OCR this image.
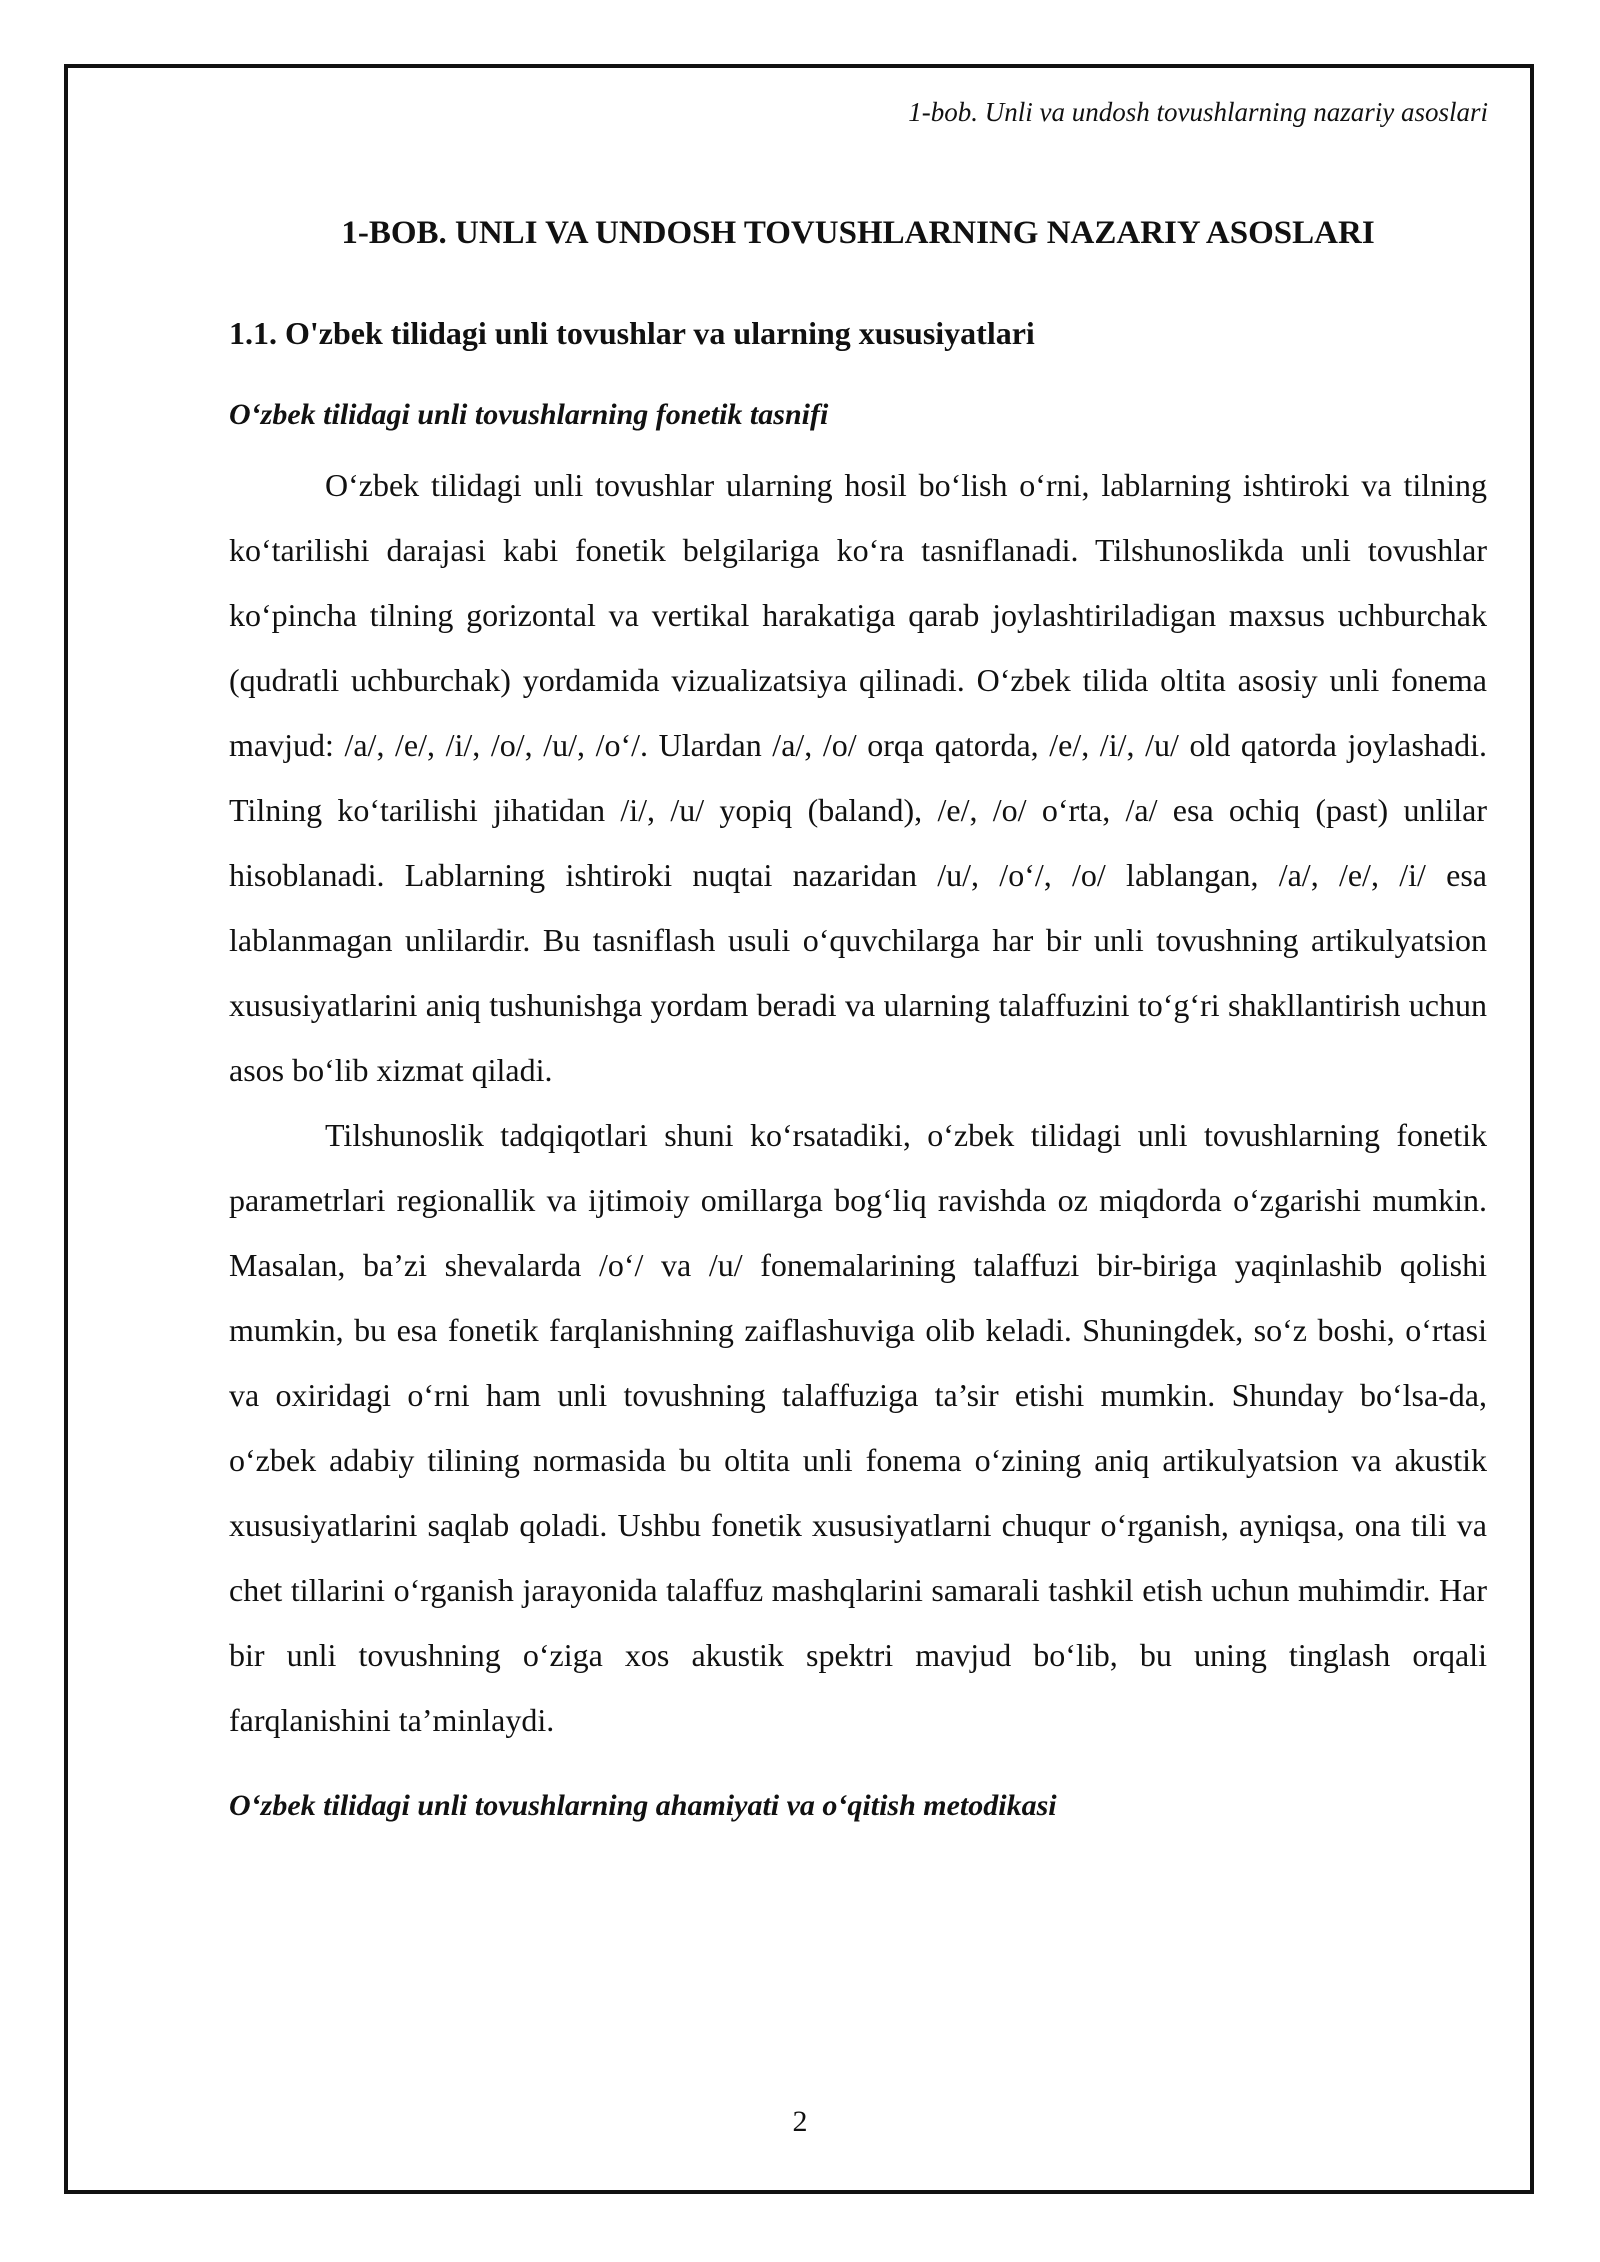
1-bob. Unli va undosh tovushlarning nazariy asoslari
1-BOB. UNLI VA UNDOSH TOVUSHLARNING NAZARIY ASOSLARI
1.1. O'zbek tilidagi unli tovushlar va ularning xususiyatlari
O‘zbek tilidagi unli tovushlarning fonetik tasnifi

O‘zbek tilidagi unli tovushlar ularning hosil bo‘lish o‘rni, lablarning ishtiroki va tilning ko‘tarilishi darajasi kabi fonetik belgilariga ko‘ra tasniflanadi. Tilshunoslikda unli tovushlar ko‘pincha tilning gorizontal va vertikal harakatiga qarab joylashtiriladigan maxsus uchburchak (qudratli uchburchak) yordamida vizualizatsiya qilinadi. O‘zbek tilida oltita asosiy unli fonema mavjud: /a/, /e/, /i/, /o/, /u/, /o‘/. Ulardan /a/, /o/ orqa qatorda, /e/, /i/, /u/ old qatorda joylashadi. Tilning ko‘tarilishi jihatidan /i/, /u/ yopiq (baland), /e/, /o/ o‘rta, /a/ esa ochiq (past) unlilar hisoblanadi. Lablarning ishtiroki nuqtai nazaridan /u/, /o‘/, /o/ lablangan, /a/, /e/, /i/ esa lablanmagan unlilardir. Bu tasniflash usuli o‘quvchilarga har bir unli tovushning artikulyatsion xususiyatlarini aniq tushunishga yordam beradi va ularning talaffuzini to‘g‘ri shakllantirish uchun asos bo‘lib xizmat qiladi.

Tilshunoslik tadqiqotlari shuni ko‘rsatadiki, o‘zbek tilidagi unli tovushlarning fonetik parametrlari regionallik va ijtimoiy omillarga bog‘liq ravishda oz miqdorda o‘zgarishi mumkin. Masalan, ba’zi shevalarda /o‘/ va /u/ fonemalarining talaffuzi bir-biriga yaqinlashib qolishi mumkin, bu esa fonetik farqlanishning zaiflashuviga olib keladi. Shuningdek, so‘z boshi, o‘rtasi va oxiridagi o‘rni ham unli tovushning talaffuziga ta’sir etishi mumkin. Shunday bo‘lsa-da, o‘zbek adabiy tilining normasida bu oltita unli fonema o‘zining aniq artikulyatsion va akustik xususiyatlarini saqlab qoladi. Ushbu fonetik xususiyatlarni chuqur o‘rganish, ayniqsa, ona tili va chet tillarini o‘rganish jarayonida talaffuz mashqlarini samarali tashkil etish uchun muhimdir. Har bir unli tovushning o‘ziga xos akustik spektri mavjud bo‘lib, bu uning tinglash orqali farqlanishini ta’minlaydi.

O‘zbek tilidagi unli tovushlarning ahamiyati va o‘qitish metodikasi
2
